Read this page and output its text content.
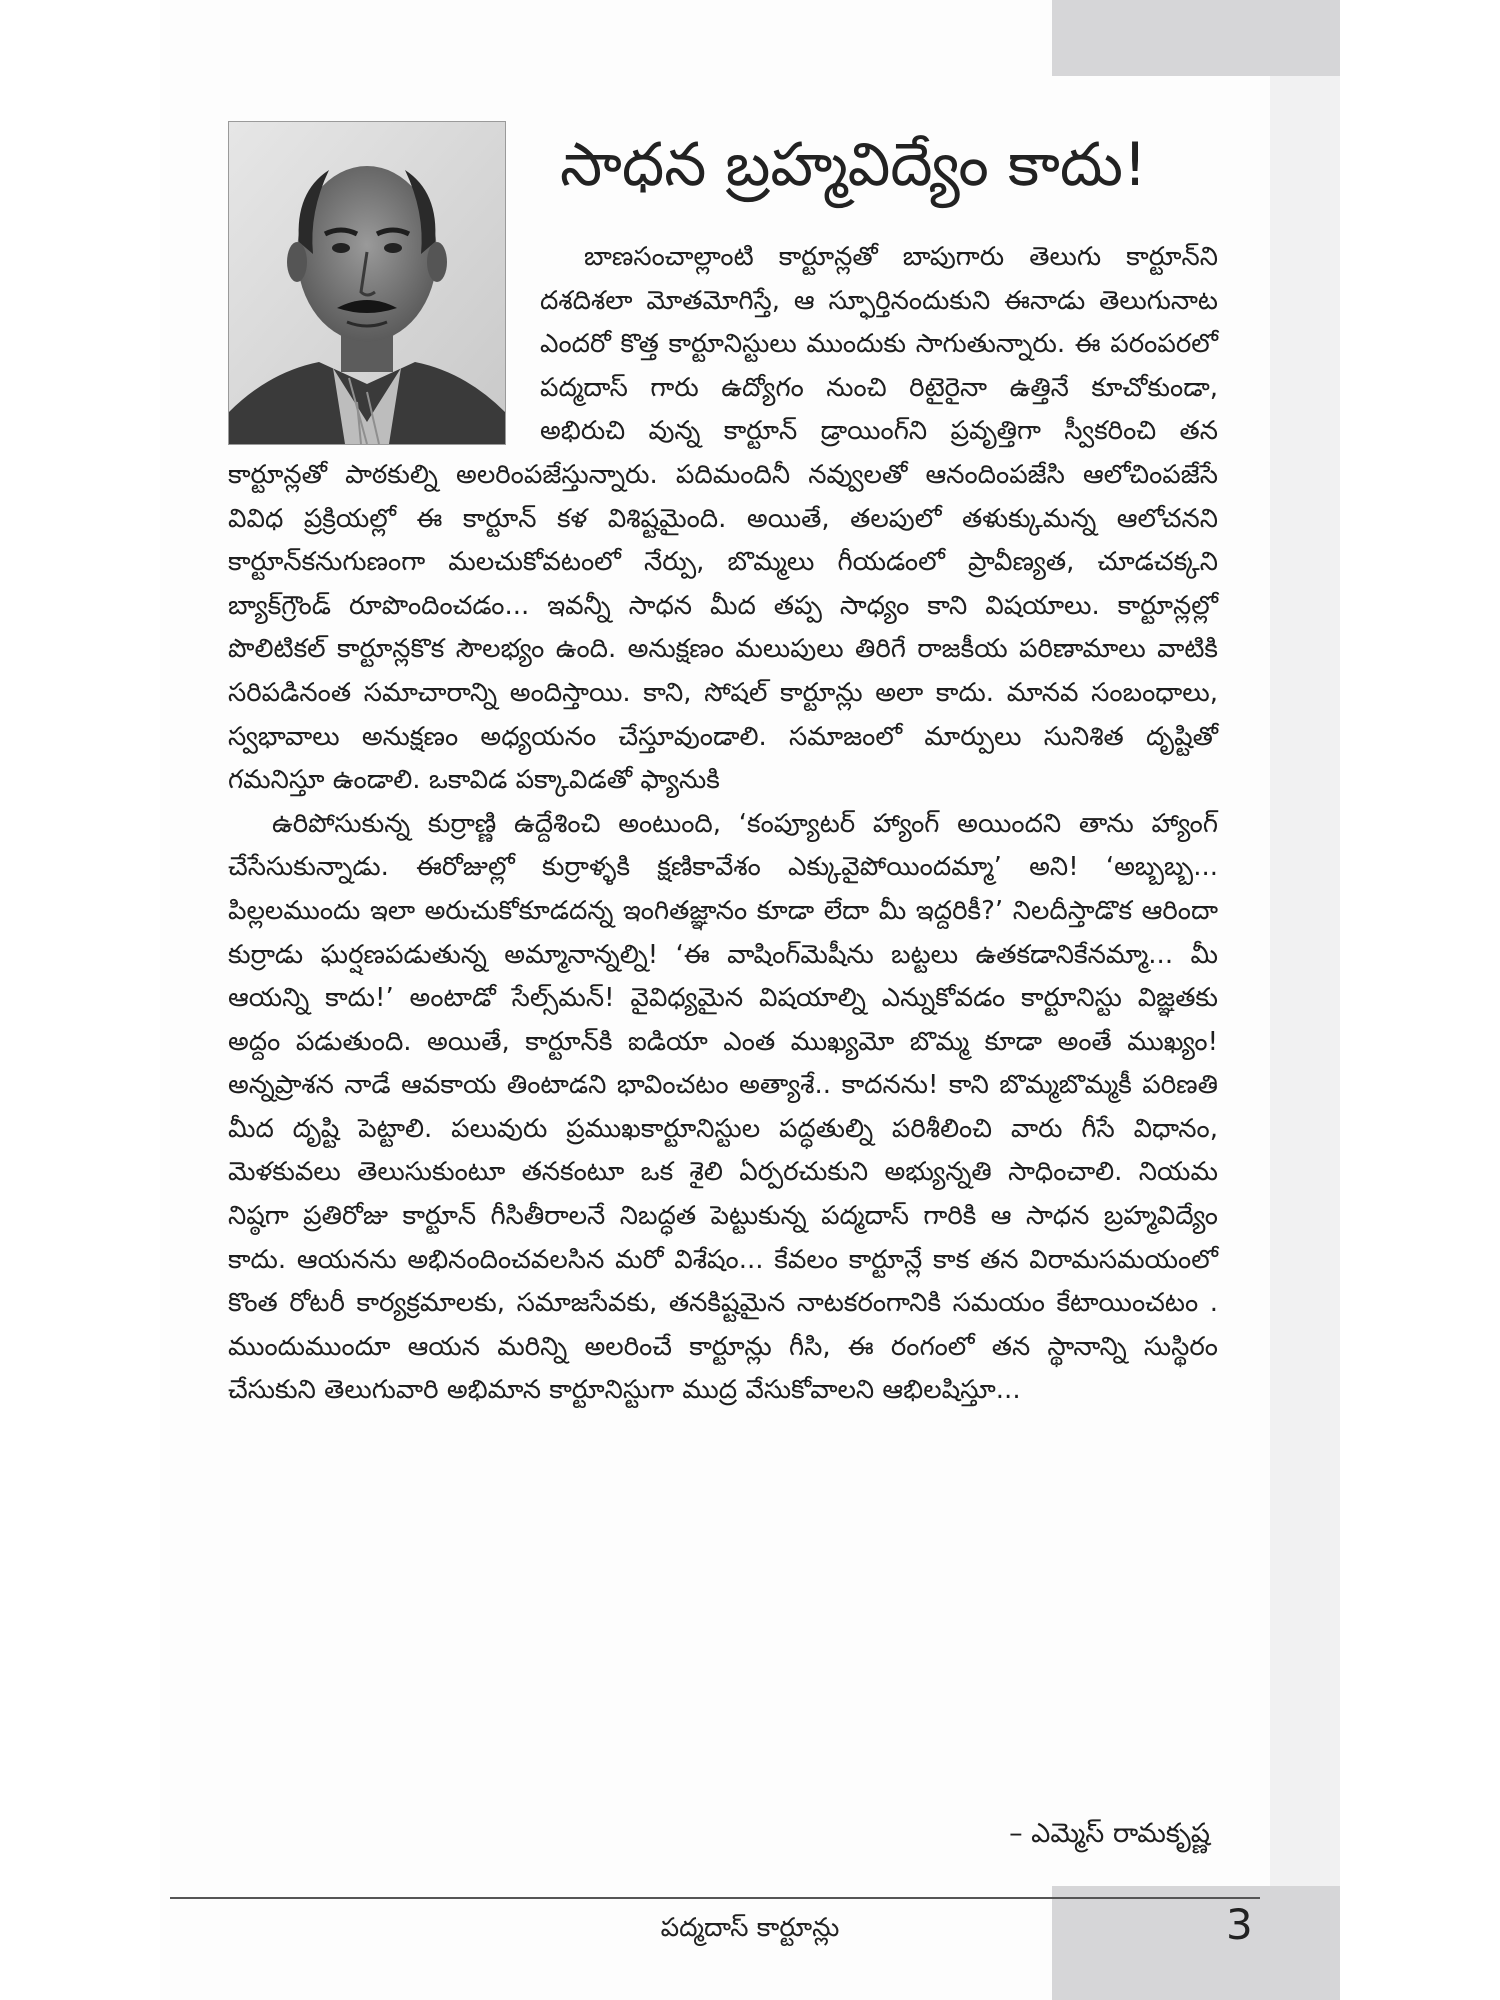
సాధన బ్రహ్మవిద్యేం కాదు!

బాణసంచాల్లాంటి కార్టూన్లతో బాపుగారు తెలుగు కార్టూన్‌ని దశదిశలా మోతమోగిస్తే, ఆ స్ఫూర్తినందుకుని ఈనాడు తెలుగునాట ఎందరో కొత్త కార్టూనిస్టులు ముందుకు సాగుతున్నారు. ఈ పరంపరలో పద్మదాస్ గారు ఉద్యోగం నుంచి రిటైరైనా ఉత్తినే కూచోకుండా, అభిరుచి వున్న కార్టూన్ డ్రాయింగ్‌ని ప్రవృత్తిగా స్వీకరించి తన కార్టూన్లతో పాఠకుల్ని అలరింపజేస్తున్నారు. పదిమందినీ నవ్వులతో ఆనందింపజేసి ఆలోచింపజేసే వివిధ ప్రక్రియల్లో ఈ కార్టూన్ కళ విశిష్టమైంది. అయితే, తలపులో తళుక్కుమన్న ఆలోచనని కార్టూన్‌కనుగుణంగా మలచుకోవటంలో నేర్పు, బొమ్మలు గీయడంలో ప్రావీణ్యత, చూడచక్కని బ్యాక్‌గ్రౌండ్ రూపొందించడం... ఇవన్నీ సాధన మీద తప్ప సాధ్యం కాని విషయాలు. కార్టూన్లల్లో పొలిటికల్ కార్టూన్లకొక సౌలభ్యం ఉంది. అనుక్షణం మలుపులు తిరిగే రాజకీయ పరిణామాలు వాటికి సరిపడినంత సమాచారాన్ని అందిస్తాయి. కాని, సోషల్ కార్టూన్లు అలా కాదు. మానవ సంబంధాలు, స్వభావాలు అనుక్షణం అధ్యయనం చేస్తూవుండాలి. సమాజంలో మార్పులు సునిశిత దృష్టితో గమనిస్తూ ఉండాలి. ఒకావిడ పక్కావిడతో ఫ్యానుకి

ఉరిపోసుకున్న కుర్రాణ్ణి ఉద్దేశించి అంటుంది, ‘కంప్యూటర్ హ్యాంగ్ అయిందని తాను హ్యాంగ్ చేసేసుకున్నాడు. ఈరోజుల్లో కుర్రాళ్ళకి క్షణికావేశం ఎక్కువైపోయిందమ్మా’ అని! ‘అబ్బబ్బ... పిల్లలముందు ఇలా అరుచుకోకూడదన్న ఇంగితజ్ఞానం కూడా లేదా మీ ఇద్దరికీ?’ నిలదీస్తాడొక ఆరిందా కుర్రాడు ఘర్షణపడుతున్న అమ్మానాన్నల్ని! ‘ఈ వాషింగ్‌మెషీను బట్టలు ఉతకడానికేనమ్మా... మీ ఆయన్ని కాదు!’ అంటాడో సేల్స్‌మన్! వైవిధ్యమైన విషయాల్ని ఎన్నుకోవడం కార్టూనిస్టు విజ్ఞతకు అద్దం పడుతుంది. అయితే, కార్టూన్‌కి ఐడియా ఎంత ముఖ్యమో బొమ్మ కూడా అంతే ముఖ్యం! అన్నప్రాశన నాడే ఆవకాయ తింటాడని భావించటం అత్యాశే.. కాదనను! కాని బొమ్మబొమ్మకీ పరిణతి మీద దృష్టి పెట్టాలి. పలువురు ప్రముఖకార్టూనిస్టుల పద్ధతుల్ని పరిశీలించి వారు గీసే విధానం, మెళకువలు తెలుసుకుంటూ తనకంటూ ఒక శైలి ఏర్పరచుకుని అభ్యున్నతి సాధించాలి. నియమ నిష్ఠగా ప్రతిరోజు కార్టూన్ గీసితీరాలనే నిబద్ధత పెట్టుకున్న పద్మదాస్ గారికి ఆ సాధన బ్రహ్మవిద్యేం కాదు. ఆయనను అభినందించవలసిన మరో విశేషం... కేవలం కార్టూన్లే కాక తన విరామసమయంలో కొంత రోటరీ కార్యక్రమాలకు, సమాజసేవకు, తనకిష్టమైన నాటకరంగానికి సమయం కేటాయించటం . ముందుముందూ ఆయన మరిన్ని అలరించే కార్టూన్లు గీసి, ఈ రంగంలో తన స్థానాన్ని సుస్థిరం చేసుకుని తెలుగువారి అభిమాన కార్టూనిస్టుగా ముద్ర వేసుకోవాలని ఆభిలషిస్తూ...

– ఎమ్మెస్ రామకృష్ణ
పద్మదాస్ కార్టూన్లు	3
